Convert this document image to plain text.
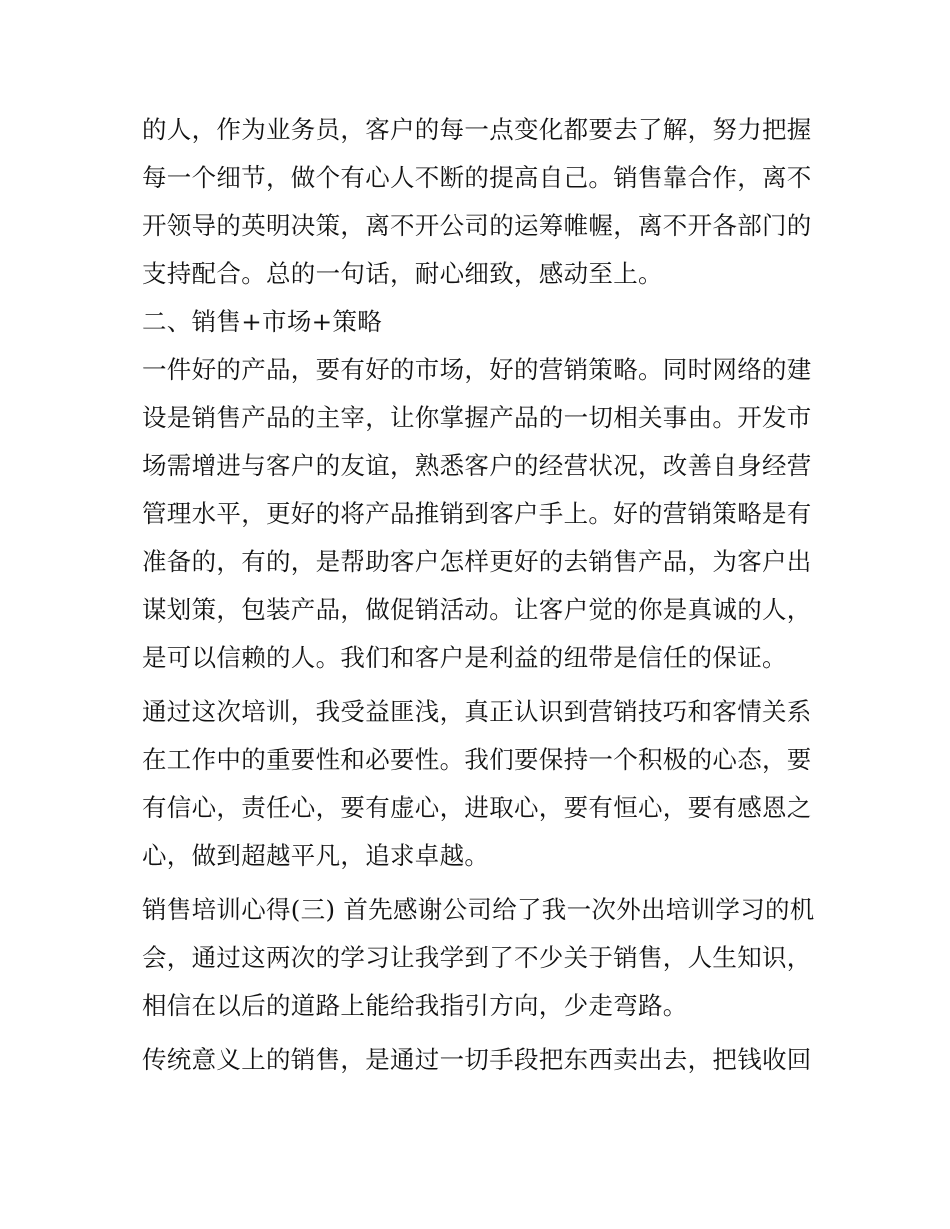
的人，作为业务员，客户的每一点变化都要去了解，努力把握
每一个细节，做个有心人不断的提高自己。销售靠合作，离不
开领导的英明决策，离不开公司的运筹帷幄，离不开各部门的
支持配合。总的一句话，耐心细致，感动至上。
二、销售+市场+策略
一件好的产品，要有好的市场，好的营销策略。同时网络的建
设是销售产品的主宰，让你掌握产品的一切相关事由。开发市
场需增进与客户的友谊，熟悉客户的经营状况，改善自身经营
管理水平，更好的将产品推销到客户手上。好的营销策略是有
准备的，有的，是帮助客户怎样更好的去销售产品，为客户出
谋划策，包装产品，做促销活动。让客户觉的你是真诚的人，
是可以信赖的人。我们和客户是利益的纽带是信任的保证。
通过这次培训，我受益匪浅，真正认识到营销技巧和客情关系
在工作中的重要性和必要性。我们要保持一个积极的心态，要
有信心，责任心，要有虚心，进取心，要有恒心，要有感恩之
心，做到超越平凡，追求卓越。
销售培训心得(三) 首先感谢公司给了我一次外出培训学习的机
会，通过这两次的学习让我学到了不少关于销售，人生知识，
相信在以后的道路上能给我指引方向，少走弯路。
传统意义上的销售，是通过一切手段把东西卖出去，把钱收回
